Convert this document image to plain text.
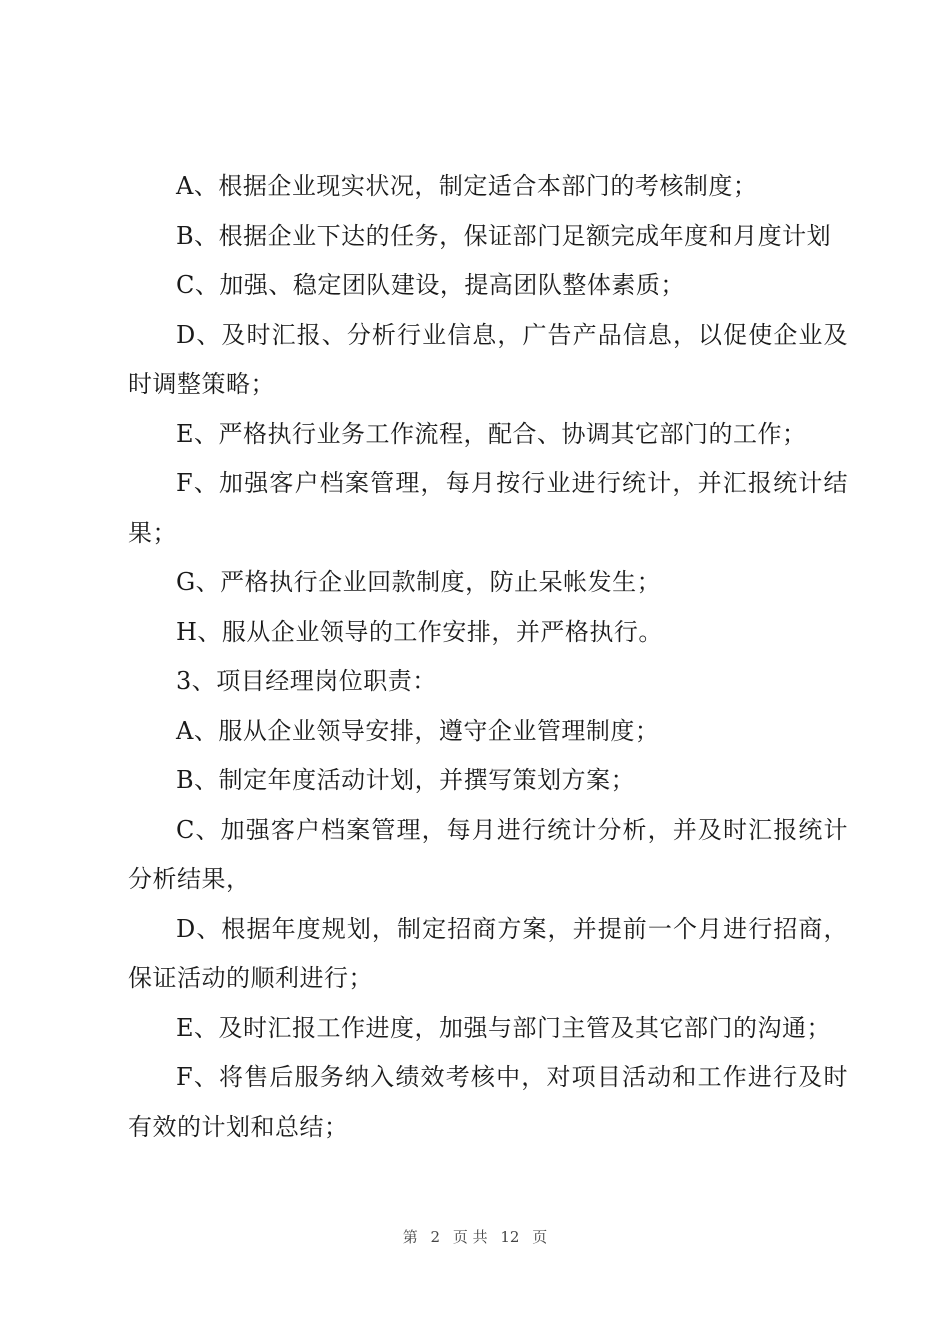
A、根据企业现实状况，制定适合本部门的考核制度；

B、根据企业下达的任务，保证部门足额完成年度和月度计划

C、加强、稳定团队建设，提高团队整体素质；

D、及时汇报、分析行业信息，广告产品信息，以促使企业及时调整策略；

E、严格执行业务工作流程，配合、协调其它部门的工作；

F、加强客户档案管理，每月按行业进行统计，并汇报统计结果；

G、严格执行企业回款制度，防止呆帐发生；

H、服从企业领导的工作安排，并严格执行。

3、项目经理岗位职责：

A、服从企业领导安排，遵守企业管理制度；

B、制定年度活动计划，并撰写策划方案；

C、加强客户档案管理，每月进行统计分析，并及时汇报统计分析结果，

D、根据年度规划，制定招商方案，并提前一个月进行招商，保证活动的顺利进行；

E、及时汇报工作进度，加强与部门主管及其它部门的沟通；

F、将售后服务纳入绩效考核中，对项目活动和工作进行及时有效的计划和总结；

第 2 页 共 12 页
